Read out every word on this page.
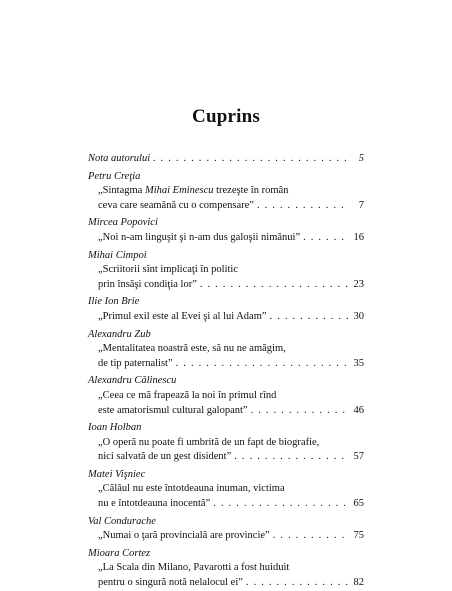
Cuprins
Nota autorului . . .	5
Petru Creţia
„Sintagma Mihai Eminescu trezeşte în român
ceva care seamănă cu o compensare” . . .	7
Mircea Popovici
„Noi n-am linguşit şi n-am dus galoşii nimănui” . . .	16
Mihai Cimpoi
„Scriitorii sînt implicaţi în politic
prin însăşi condiţia lor” . . .	23
Ilie Ion Brie
„Primul exil este al Evei şi al lui Adam” . . .	30
Alexandru Zub
„Mentalitatea noastră este, să nu ne amăgim,
de tip paternalist” . . .	35
Alexandru Călinescu
„Ceea ce mă frapează la noi în primul rînd
este amatorismul cultural galopant” . . .	46
Ioan Holban
„O operă nu poate fi umbrită de un fapt de biografie,
nici salvată de un gest disident” . . .	57
Matei Vişniec
„Călăul nu este întotdeauna inuman, victima
nu e întotdeauna inocentă” . . .	65
Val Condurache
„Numai o ţară provincială are provincie” . . .	75
Mioara Cortez
„La Scala din Milano, Pavarotti a fost huiduit
pentru o singură notă nelalocul ei” . . .	82
